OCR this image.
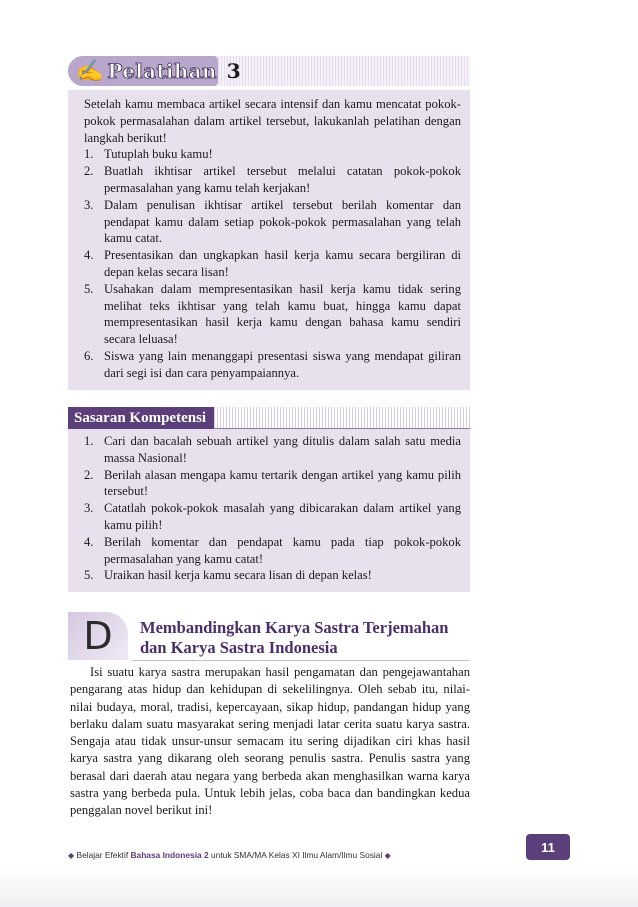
✍ Pelatihan 3

Setelah kamu membaca artikel secara intensif dan kamu mencatat pokok-pokok permasalahan dalam artikel tersebut, lakukanlah pelatihan dengan langkah berikut!

1. Tutuplah buku kamu!
2. Buatlah ikhtisar artikel tersebut melalui catatan pokok-pokok permasalahan yang kamu telah kerjakan!
3. Dalam penulisan ikhtisar artikel tersebut berilah komentar dan pendapat kamu dalam setiap pokok-pokok permasalahan yang telah kamu catat.
4. Presentasikan dan ungkapkan hasil kerja kamu secara bergiliran di depan kelas secara lisan!
5. Usahakan dalam mempresentasikan hasil kerja kamu tidak sering melihat teks ikhtisar yang telah kamu buat, hingga kamu dapat mempresentasikan hasil kerja kamu dengan bahasa kamu sendiri secara leluasa!
6. Siswa yang lain menanggapi presentasi siswa yang mendapat giliran dari segi isi dan cara penyampaiannya.
Sasaran Kompetensi
1. Cari dan bacalah sebuah artikel yang ditulis dalam salah satu media massa Nasional!
2. Berilah alasan mengapa kamu tertarik dengan artikel yang kamu pilih tersebut!
3. Catatlah pokok-pokok masalah yang dibicarakan dalam artikel yang kamu pilih!
4. Berilah komentar dan pendapat kamu pada tiap pokok-pokok permasalahan yang kamu catat!
5. Uraikan hasil kerja kamu secara lisan di depan kelas!
D	Membandingkan Karya Sastra Terjemahan
dan Karya Sastra Indonesia

Isi suatu karya sastra merupakan hasil pengamatan dan pengejawantahan pengarang atas hidup dan kehidupan di sekelilingnya. Oleh sebab itu, nilai-nilai budaya, moral, tradisi, kepercayaan, sikap hidup, pandangan hidup yang berlaku dalam suatu masyarakat sering menjadi latar cerita suatu karya sastra. Sengaja atau tidak unsur-unsur semacam itu sering dijadikan ciri khas hasil karya sastra yang dikarang oleh seorang penulis sastra. Penulis sastra yang berasal dari daerah atau negara yang berbeda akan menghasilkan warna karya sastra yang berbeda pula. Untuk lebih jelas, coba baca dan bandingkan kedua penggalan novel berikut ini!

◆ Belajar Efektif Bahasa Indonesia 2 untuk SMA/MA Kelas XI Ilmu Alam/Ilmu Sosial ◆
11
